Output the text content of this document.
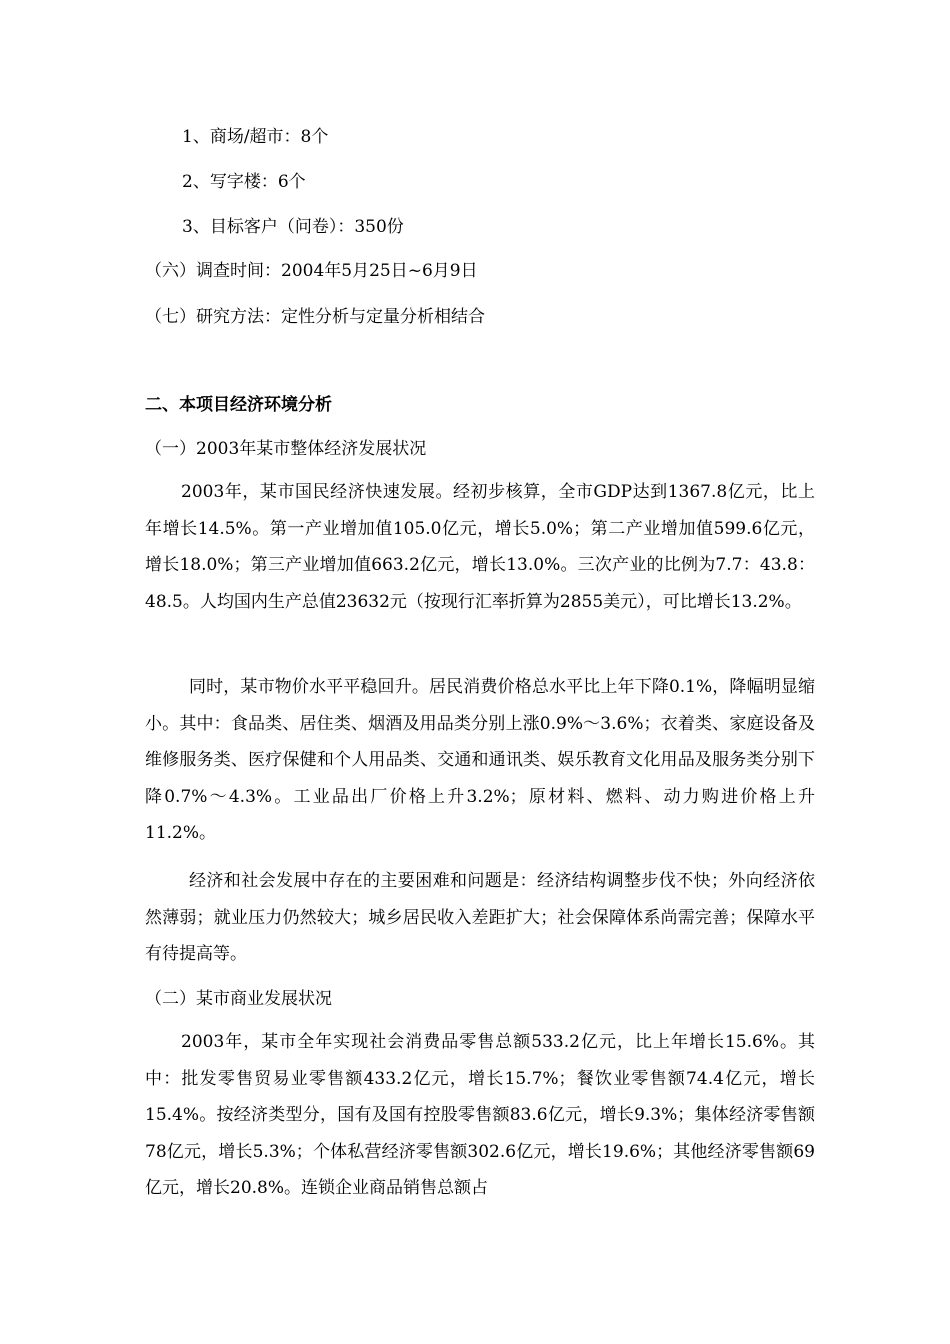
1、商场/超市：8个
2、写字楼：6个
3、目标客户（问卷）：350份
（六）调查时间：2004年5月25日~6月9日
（七）研究方法：定性分析与定量分析相结合
二、本项目经济环境分析
（一）2003年某市整体经济发展状况
2003年，某市国民经济快速发展。经初步核算，全市GDP达到1367.8亿元，比上年增长14.5%。第一产业增加值105.0亿元，增长5.0%；第二产业增加值599.6亿元，增长18.0%；第三产业增加值663.2亿元，增长13.0%。三次产业的比例为7.7：43.8：48.5。人均国内生产总值23632元（按现行汇率折算为2855美元），可比增长13.2%。
同时，某市物价水平平稳回升。居民消费价格总水平比上年下降0.1%，降幅明显缩小。其中：食品类、居住类、烟酒及用品类分别上涨0.9%～3.6%；衣着类、家庭设备及维修服务类、医疗保健和个人用品类、交通和通讯类、娱乐教育文化用品及服务类分别下降0.7%～4.3%。工业品出厂价格上升3.2%；原材料、燃料、动力购进价格上升11.2%。
经济和社会发展中存在的主要困难和问题是：经济结构调整步伐不快；外向经济依然薄弱；就业压力仍然较大；城乡居民收入差距扩大；社会保障体系尚需完善；保障水平有待提高等。
（二）某市商业发展状况
2003年，某市全年实现社会消费品零售总额533.2亿元，比上年增长15.6%。其中：批发零售贸易业零售额433.2亿元，增长15.7%；餐饮业零售额74.4亿元，增长15.4%。按经济类型分，国有及国有控股零售额83.6亿元，增长9.3%；集体经济零售额78亿元，增长5.3%；个体私营经济零售额302.6亿元，增长19.6%；其他经济零售额69亿元，增长20.8%。连锁企业商品销售总额占
